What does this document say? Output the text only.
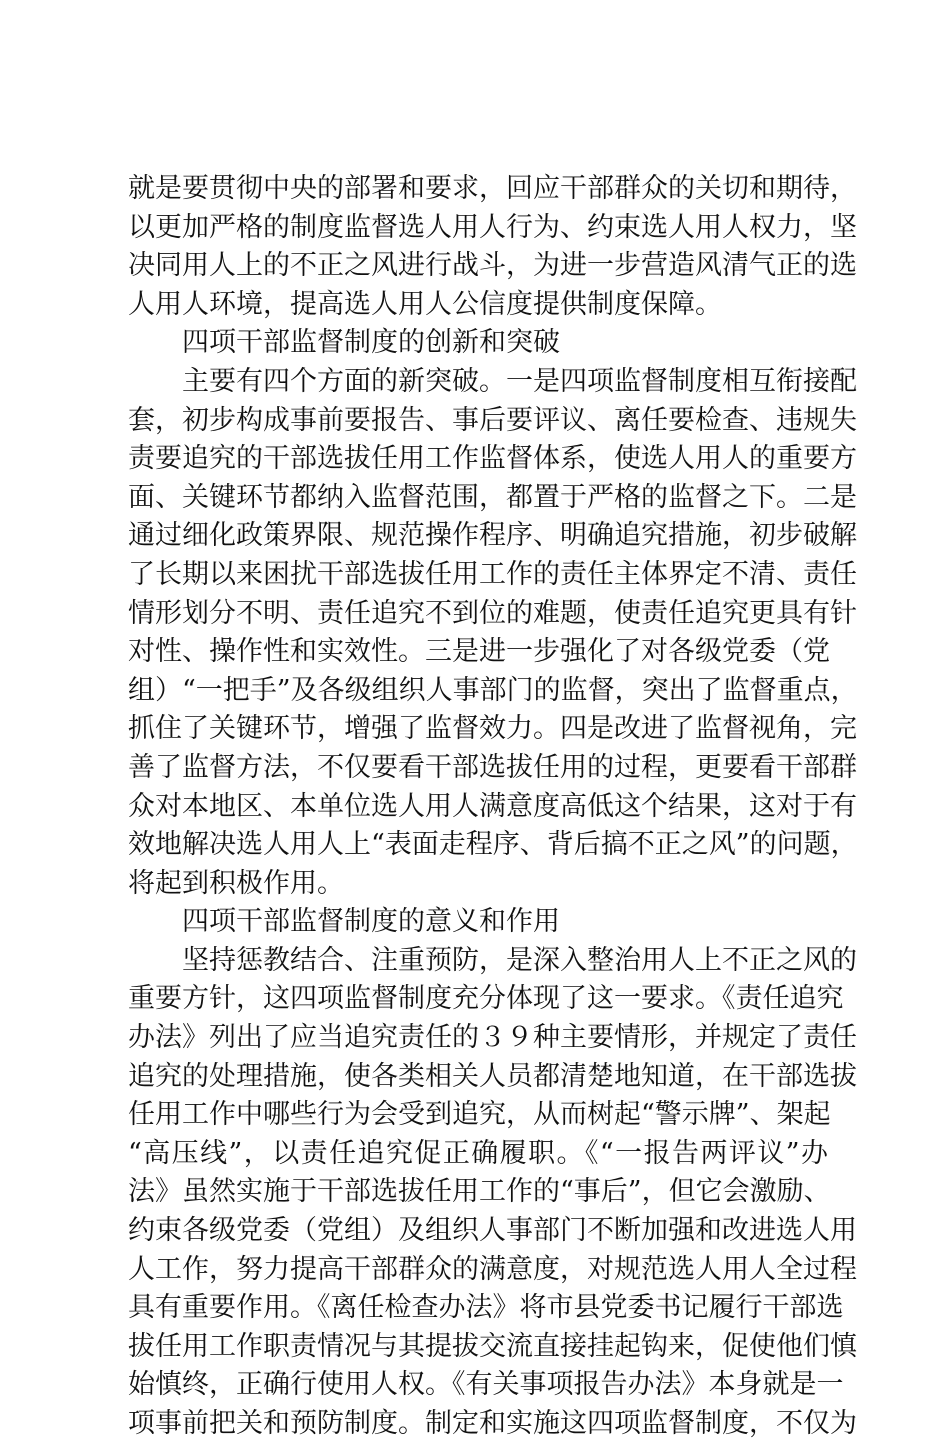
就是要贯彻中央的部署和要求，回应干部群众的关切和期待，
以更加严格的制度监督选人用人行为、约束选人用人权力，坚
决同用人上的不正之风进行战斗，为进一步营造风清气正的选
人用人环境，提高选人用人公信度提供制度保障。
四项干部监督制度的创新和突破
主要有四个方面的新突破。一是四项监督制度相互衔接配
套，初步构成事前要报告、事后要评议、离任要检查、违规失
责要追究的干部选拔任用工作监督体系，使选人用人的重要方
面、关键环节都纳入监督范围，都置于严格的监督之下。二是
通过细化政策界限、规范操作程序、明确追究措施，初步破解
了长期以来困扰干部选拔任用工作的责任主体界定不清、责任
情形划分不明、责任追究不到位的难题，使责任追究更具有针
对性、操作性和实效性。三是进一步强化了对各级党委（党
组）“一把手”及各级组织人事部门的监督，突出了监督重点，
抓住了关键环节，增强了监督效力。四是改进了监督视角，完
善了监督方法，不仅要看干部选拔任用的过程，更要看干部群
众对本地区、本单位选人用人满意度高低这个结果，这对于有
效地解决选人用人上“表面走程序、背后搞不正之风”的问题，
将起到积极作用。
四项干部监督制度的意义和作用
坚持惩教结合、注重预防，是深入整治用人上不正之风的
重要方针，这四项监督制度充分体现了这一要求。《责任追究
办法》列出了应当追究责任的３９种主要情形，并规定了责任
追究的处理措施，使各类相关人员都清楚地知道，在干部选拔
任用工作中哪些行为会受到追究，从而树起“警示牌”、架起
“高压线”，以责任追究促正确履职。《“一报告两评议”办
法》虽然实施于干部选拔任用工作的“事后”，但它会激励、
约束各级党委（党组）及组织人事部门不断加强和改进选人用
人工作，努力提高干部群众的满意度，对规范选人用人全过程
具有重要作用。《离任检查办法》将市县党委书记履行干部选
拔任用工作职责情况与其提拔交流直接挂起钩来，促使他们慎
始慎终，正确行使用人权。《有关事项报告办法》本身就是一
项事前把关和预防制度。制定和实施这四项监督制度，不仅为
